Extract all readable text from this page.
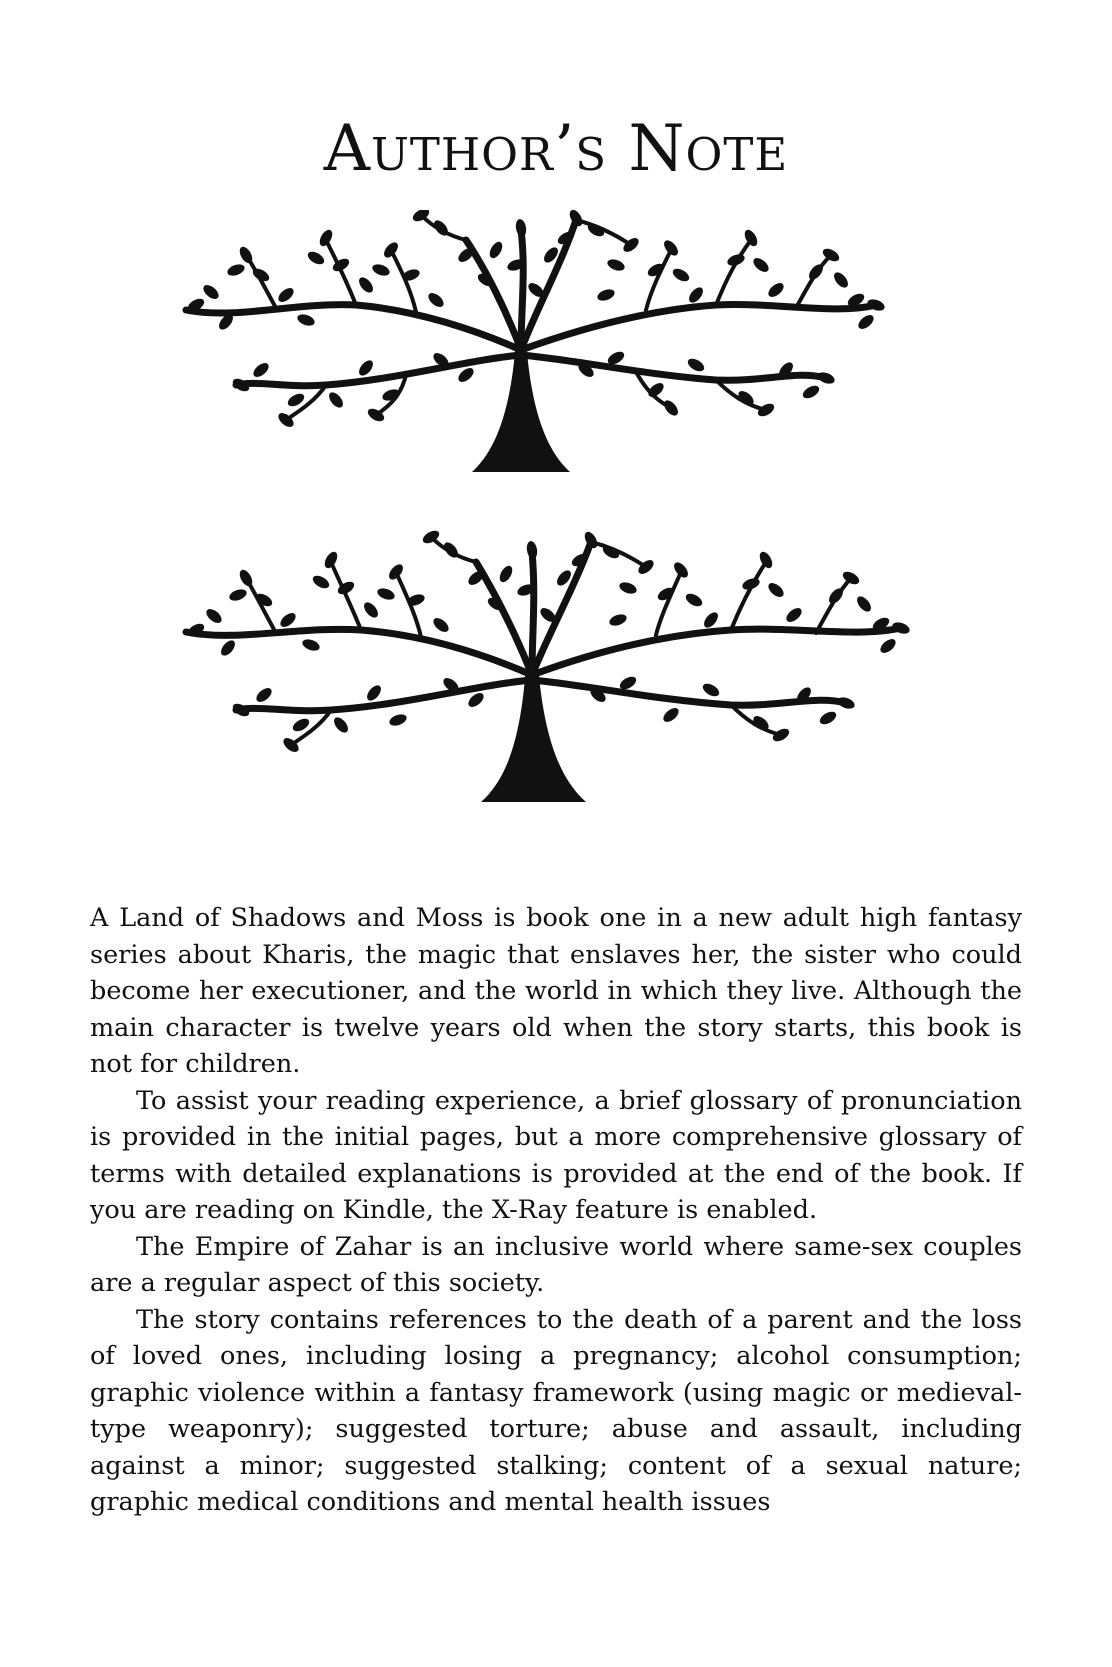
Author’s Note

A Land of Shadows and Moss is book one in a new adult high fantasy series about Kharis, the magic that enslaves her, the sister who could become her executioner, and the world in which they live. Although the main character is twelve years old when the story starts, this book is not for children.

To assist your reading experience, a brief glossary of pronunciation is provided in the initial pages, but a more comprehensive glossary of terms with detailed explanations is provided at the end of the book. If you are reading on Kindle, the X-Ray feature is enabled.

The Empire of Zahar is an inclusive world where same-sex couples are a regular aspect of this society.

The story contains references to the death of a parent and the loss of loved ones, including losing a pregnancy; alcohol consumption; graphic violence within a fantasy framework (using magic or medieval-type weaponry); suggested torture; abuse and assault, including against a minor; suggested stalking; content of a sexual nature; graphic medical conditions and mental health issues
